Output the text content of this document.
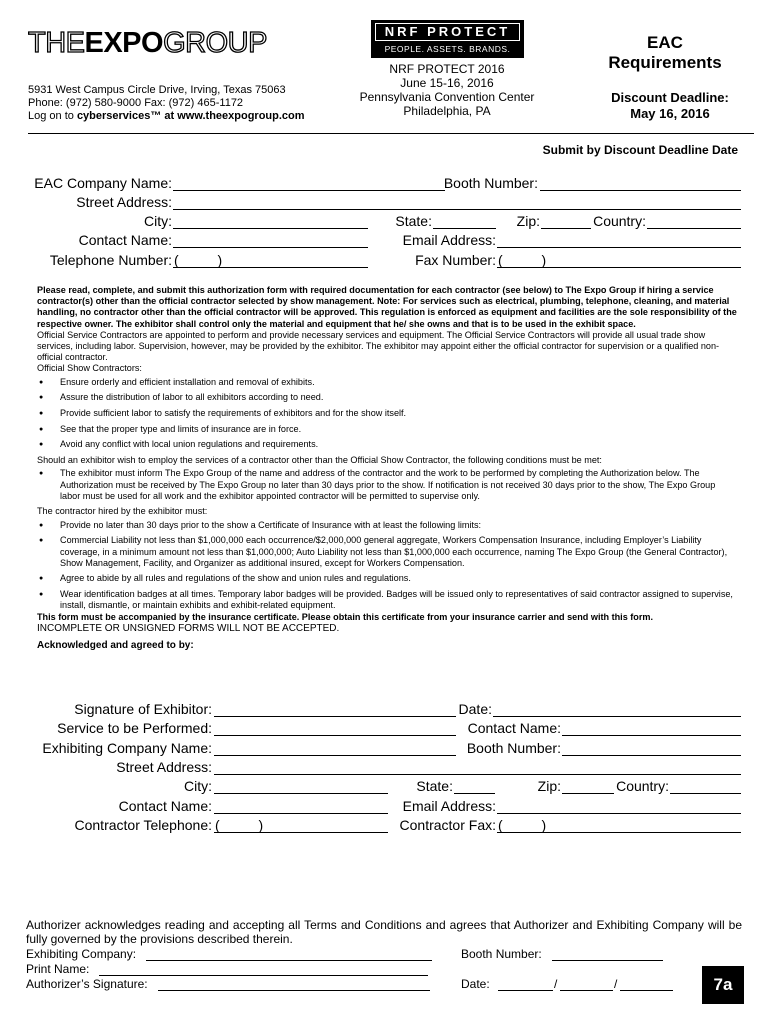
THEEXPOGROUP
5931 West Campus Circle Drive, Irving, Texas 75063
Phone: (972) 580-9000 Fax: (972) 465-1172
Log on to cyberservices™ at www.theexpogroup.com
NRF PROTECT
PEOPLE. ASSETS. BRANDS.
NRF PROTECT 2016
June 15-16, 2016
Pennsylvania Convention Center
Philadelphia, PA
EAC
Requirements
Discount Deadline:
May 16, 2016
Submit by Discount Deadline Date
EAC Company Name:	Booth Number:
Street Address:
City:	State:	Zip:	Country:
Contact Name:	Email Address:
Telephone Number: (          )	Fax Number: (          )

Please read, complete, and submit this authorization form with required documentation for each contractor (see below) to The Expo Group if hiring a service contractor(s) other than the official contractor selected by show management. Note: For services such as electrical, plumbing, telephone, cleaning, and material handling, no contractor other than the official contractor will be approved. This regulation is enforced as equipment and facilities are the sole responsibility of the respective owner. The exhibitor shall control only the material and equipment that he/ she owns and that is to be used in the exhibit space.

Official Service Contractors are appointed to perform and provide necessary services and equipment. The Official Service Contractors will provide all usual trade show services, including labor. Supervision, however, may be provided by the exhibitor. The exhibitor may appoint either the official contractor for supervision or a qualified non-official contractor.

Official Show Contractors:

● Ensure orderly and efficient installation and removal of exhibits.
● Assure the distribution of labor to all exhibitors according to need.
● Provide sufficient labor to satisfy the requirements of exhibitors and for the show itself.
● See that the proper type and limits of insurance are in force.
● Avoid any conflict with local union regulations and requirements.

Should an exhibitor wish to employ the services of a contractor other than the Official Show Contractor, the following conditions must be met:

● The exhibitor must inform The Expo Group of the name and address of the contractor and the work to be performed by completing the Authorization below. The Authorization must be received by The Expo Group no later than 30 days prior to the show. If notification is not received 30 days prior to the show, The Expo Group labor must be used for all work and the exhibitor appointed contractor will be permitted to supervise only.

The contractor hired by the exhibitor must:

● Provide no later than 30 days prior to the show a Certificate of Insurance with at least the following limits:
● Commercial Liability not less than $1,000,000 each occurrence/$2,000,000 general aggregate, Workers Compensation Insurance, including Employer’s Liability coverage, in a minimum amount not less than $1,000,000; Auto Liability not less than $1,000,000 each occurrence, naming The Expo Group (the General Contractor), Show Management, Facility, and Organizer as additional insured, except for Workers Compensation.
● Agree to abide by all rules and regulations of the show and union rules and regulations.
● Wear identification badges at all times. Temporary labor badges will be provided. Badges will be issued only to representatives of said contractor assigned to supervise, install, dismantle, or maintain exhibits and exhibit-related equipment.

This form must be accompanied by the insurance certificate. Please obtain this certificate from your insurance carrier and send with this form.

INCOMPLETE OR UNSIGNED FORMS WILL NOT BE ACCEPTED.

Acknowledged and agreed to by:

Signature of Exhibitor:	Date:
Service to be Performed:	Contact Name:
Exhibiting Company Name:	Booth Number:
Street Address:
City:	State:	Zip:	Country:
Contact Name:	Email Address:
Contractor Telephone: (          )	Contractor Fax: (          )
Authorizer acknowledges reading and accepting all Terms and Conditions and agrees that Authorizer and Exhibiting Company will be fully governed by the provisions described therein.
Exhibiting Company:	Booth Number:
Print Name:
Authorizer’s Signature:	Date:	/	/	7a
